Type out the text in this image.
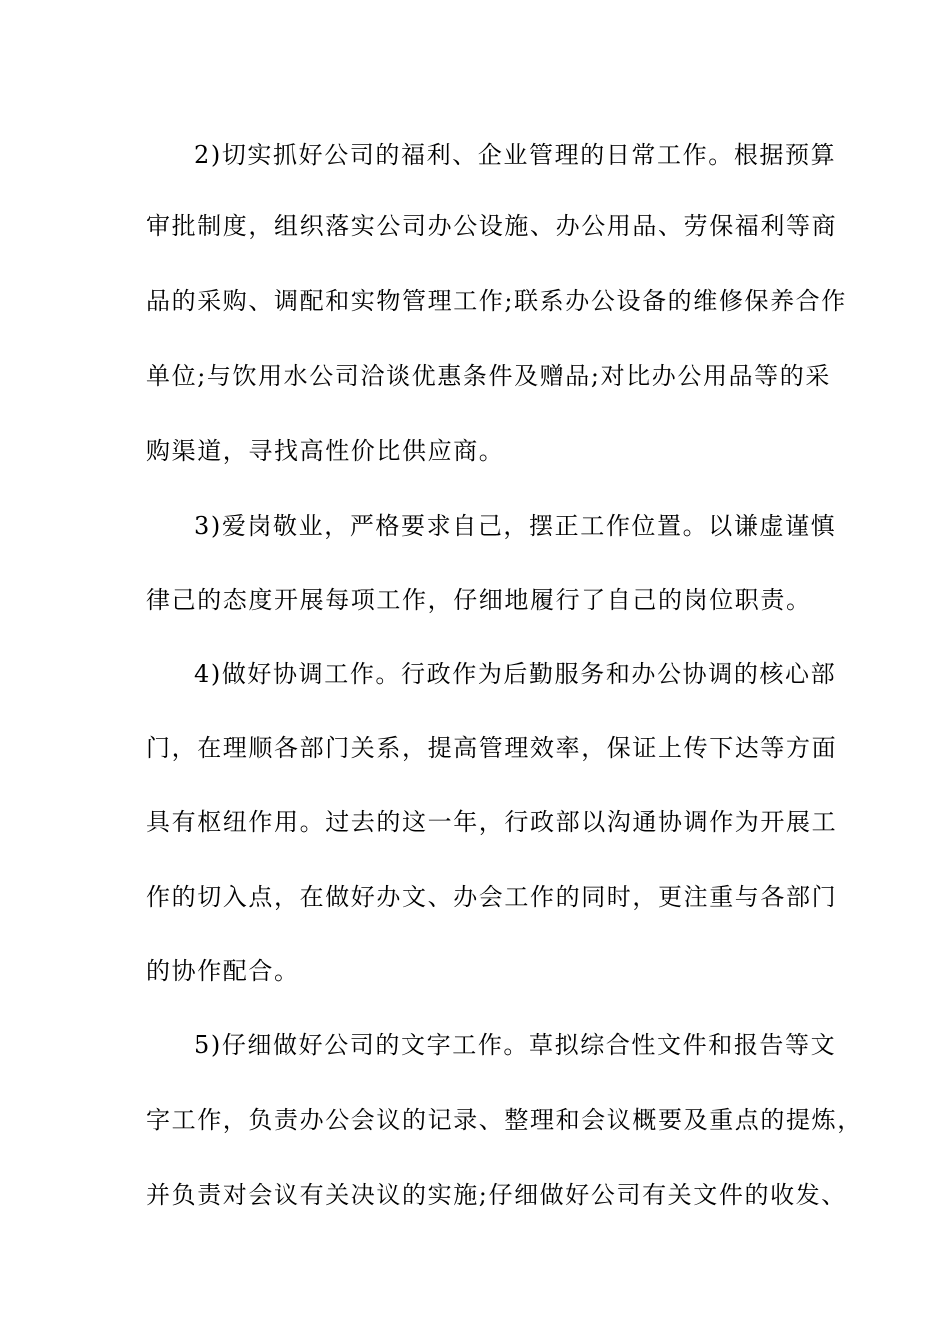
2)切实抓好公司的福利、企业管理的日常工作。根据预算
审批制度，组织落实公司办公设施、办公用品、劳保福利等商
品的采购、调配和实物管理工作;联系办公设备的维修保养合作
单位;与饮用水公司洽谈优惠条件及赠品;对比办公用品等的采
购渠道，寻找高性价比供应商。
3)爱岗敬业，严格要求自己，摆正工作位置。以谦虚谨慎
律己的态度开展每项工作，仔细地履行了自己的岗位职责。
4)做好协调工作。行政作为后勤服务和办公协调的核心部
门，在理顺各部门关系，提高管理效率，保证上传下达等方面
具有枢纽作用。过去的这一年，行政部以沟通协调作为开展工
作的切入点，在做好办文、办会工作的同时，更注重与各部门
的协作配合。
5)仔细做好公司的文字工作。草拟综合性文件和报告等文
字工作，负责办公会议的记录、整理和会议概要及重点的提炼，
并负责对会议有关决议的实施;仔细做好公司有关文件的收发、
